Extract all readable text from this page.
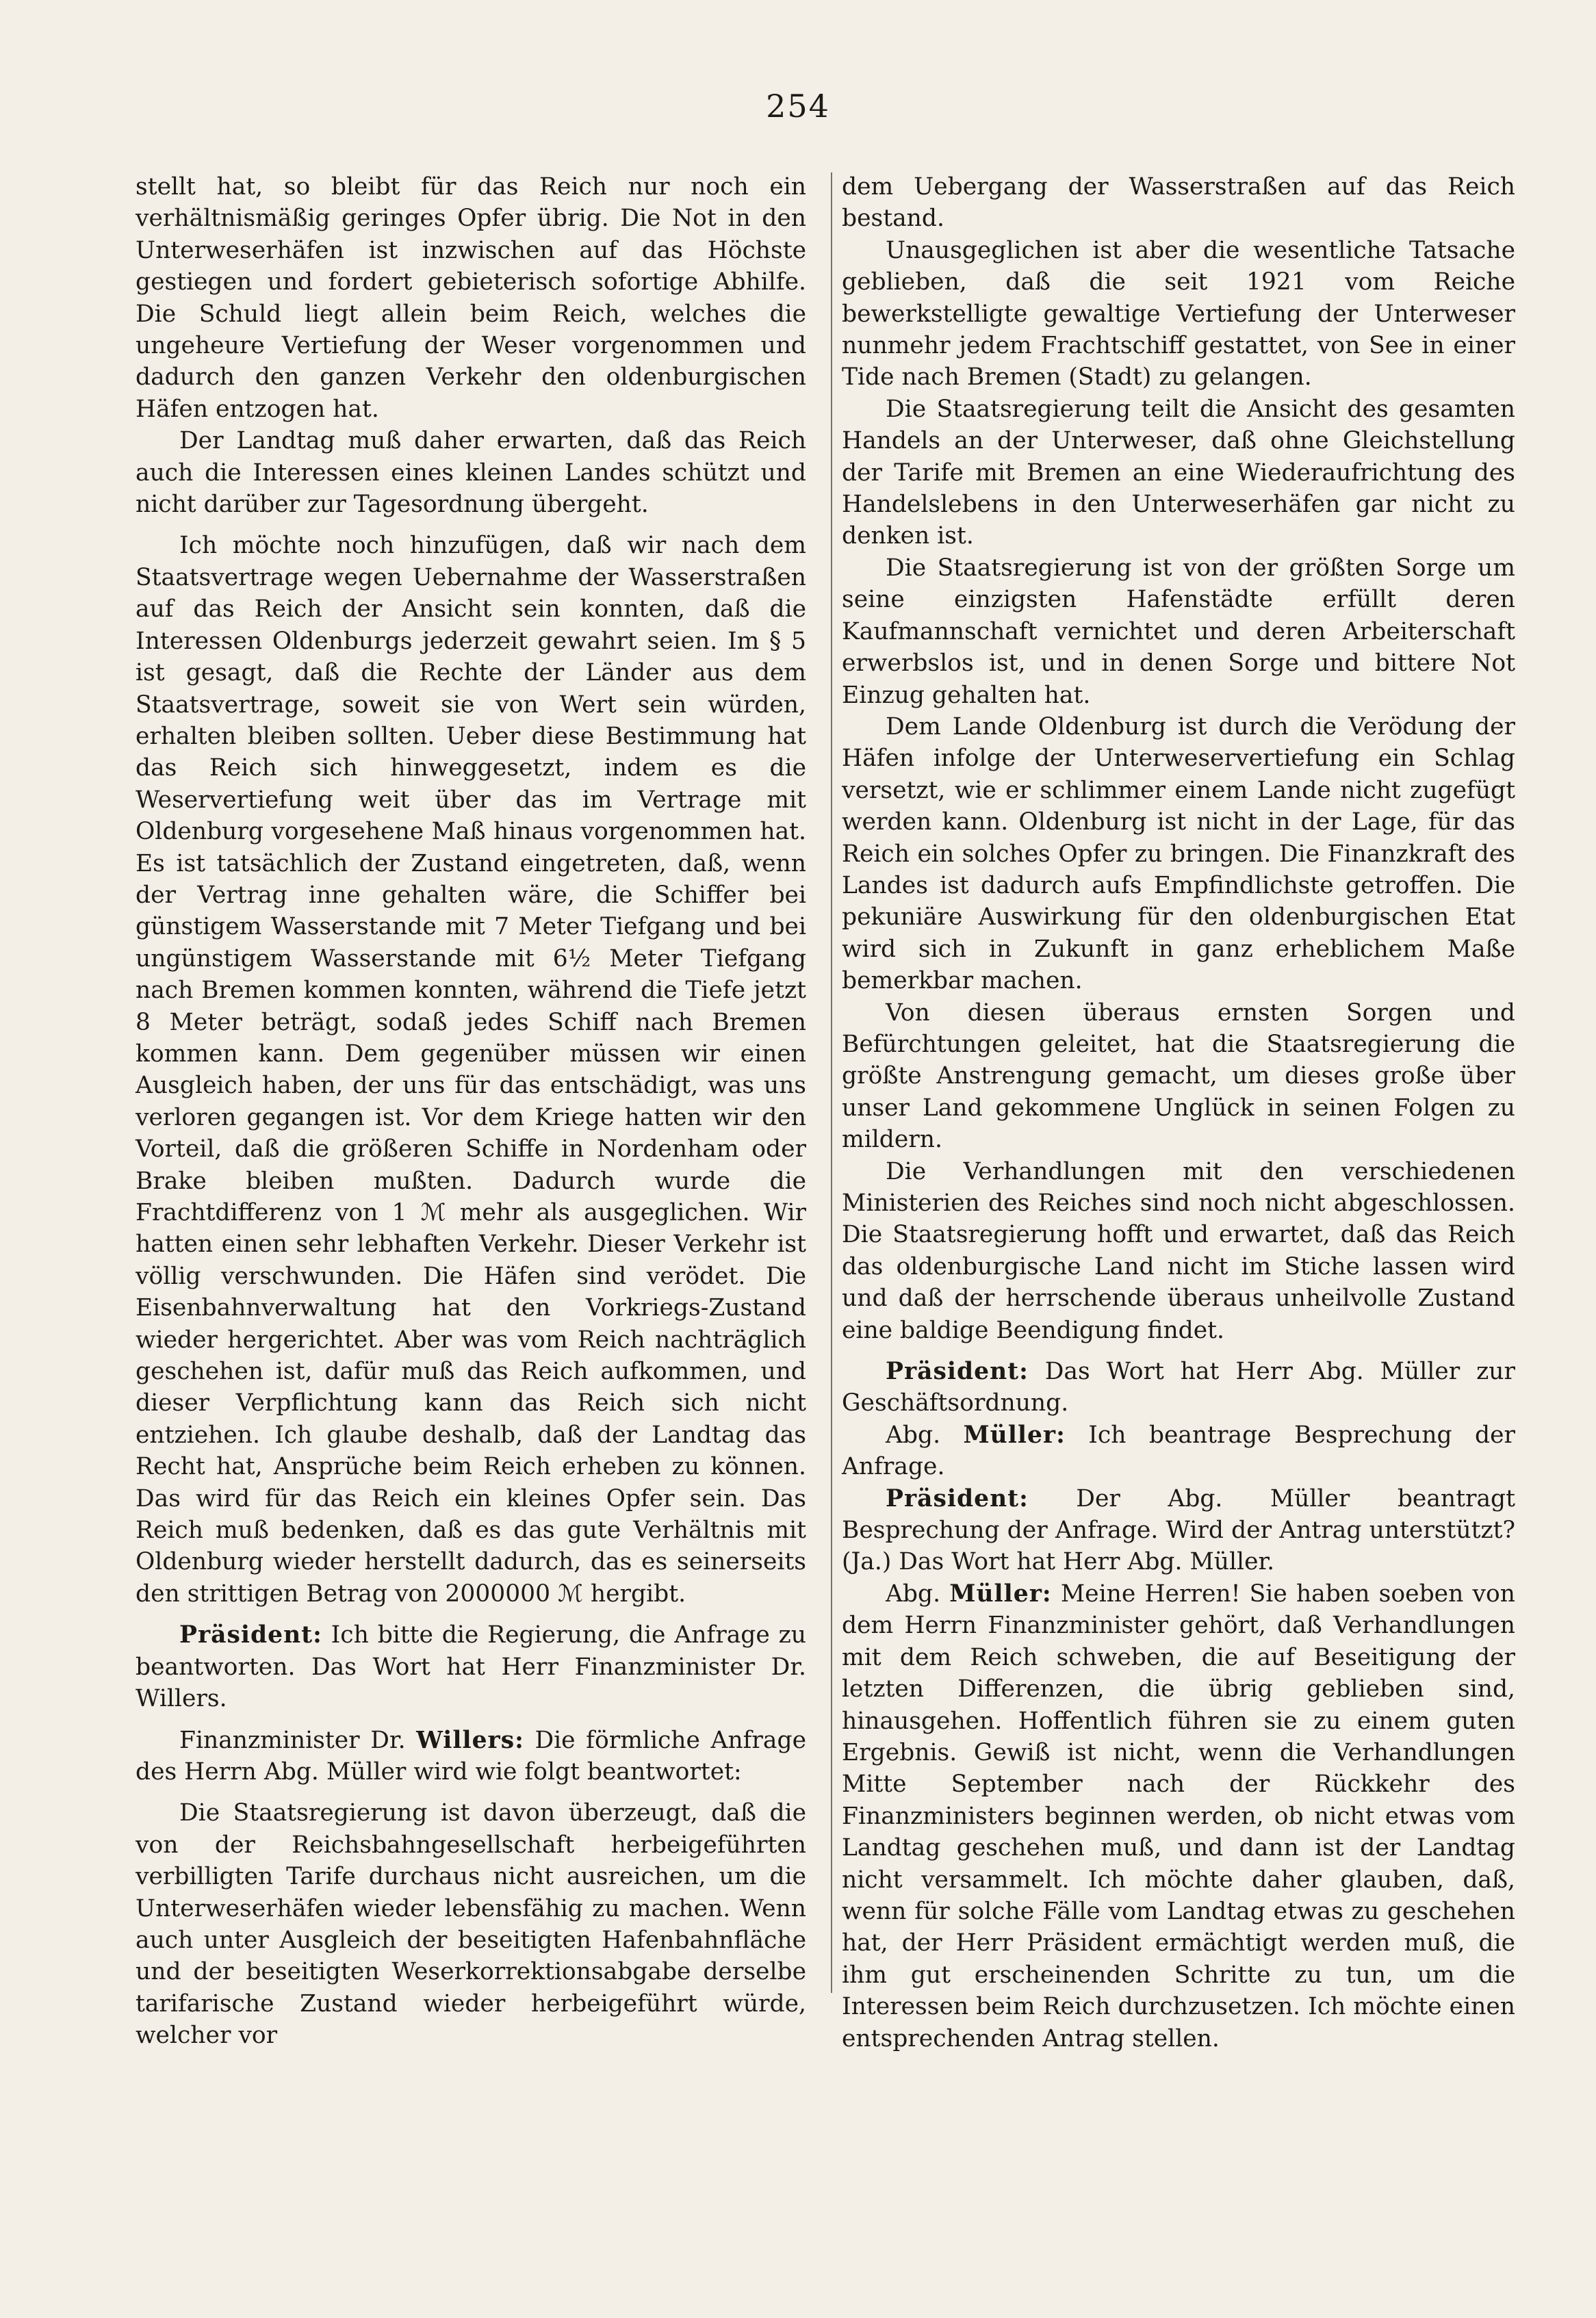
254

stellt hat, so bleibt für das Reich nur noch ein verhältnismäßig geringes Opfer übrig. Die Not in den Unterweserhäfen ist inzwischen auf das Höchste gestiegen und fordert gebieterisch sofortige Abhilfe. Die Schuld liegt allein beim Reich, welches die ungeheure Vertiefung der Weser vorgenommen und dadurch den ganzen Verkehr den oldenburgischen Häfen entzogen hat.

Der Landtag muß daher erwarten, daß das Reich auch die Interessen eines kleinen Landes schützt und nicht darüber zur Tagesordnung übergeht.

Ich möchte noch hinzufügen, daß wir nach dem Staatsvertrage wegen Uebernahme der Wasserstraßen auf das Reich der Ansicht sein konnten, daß die Interessen Oldenburgs jederzeit gewahrt seien. Im § 5 ist gesagt, daß die Rechte der Länder aus dem Staatsvertrage, soweit sie von Wert sein würden, erhalten bleiben sollten. Ueber diese Bestimmung hat das Reich sich hinweggesetzt, indem es die Weservertiefung weit über das im Vertrage mit Oldenburg vorgesehene Maß hinaus vorgenommen hat. Es ist tatsächlich der Zustand eingetreten, daß, wenn der Vertrag inne gehalten wäre, die Schiffer bei günstigem Wasserstande mit 7 Meter Tiefgang und bei ungünstigem Wasserstande mit 6½ Meter Tiefgang nach Bremen kommen konnten, während die Tiefe jetzt 8 Meter beträgt, sodaß jedes Schiff nach Bremen kommen kann. Dem gegenüber müssen wir einen Ausgleich haben, der uns für das entschädigt, was uns verloren gegangen ist. Vor dem Kriege hatten wir den Vorteil, daß die größeren Schiffe in Nordenham oder Brake bleiben mußten. Dadurch wurde die Frachtdifferenz von 1 ℳ mehr als ausgeglichen. Wir hatten einen sehr lebhaften Verkehr. Dieser Verkehr ist völlig verschwunden. Die Häfen sind verödet. Die Eisenbahnverwaltung hat den Vorkriegs-Zustand wieder hergerichtet. Aber was vom Reich nachträglich geschehen ist, dafür muß das Reich aufkommen, und dieser Verpflichtung kann das Reich sich nicht entziehen. Ich glaube deshalb, daß der Landtag das Recht hat, Ansprüche beim Reich erheben zu können. Das wird für das Reich ein kleines Opfer sein. Das Reich muß bedenken, daß es das gute Verhältnis mit Oldenburg wieder herstellt dadurch, das es seinerseits den strittigen Betrag von 2000000 ℳ hergibt.

Präsident: Ich bitte die Regierung, die Anfrage zu beantworten. Das Wort hat Herr Finanzminister Dr. Willers.

Finanzminister Dr. Willers: Die förmliche Anfrage des Herrn Abg. Müller wird wie folgt beantwortet:

Die Staatsregierung ist davon überzeugt, daß die von der Reichsbahngesellschaft herbeigeführten verbilligten Tarife durchaus nicht ausreichen, um die Unterweserhäfen wieder lebensfähig zu machen. Wenn auch unter Ausgleich der beseitigten Hafenbahnfläche und der beseitigten Weserkorrektionsabgabe derselbe tarifarische Zustand wieder herbeigeführt würde, welcher vor

dem Uebergang der Wasserstraßen auf das Reich bestand.

Unausgeglichen ist aber die wesentliche Tatsache geblieben, daß die seit 1921 vom Reiche bewerkstelligte gewaltige Vertiefung der Unterweser nunmehr jedem Frachtschiff gestattet, von See in einer Tide nach Bremen (Stadt) zu gelangen.

Die Staatsregierung teilt die Ansicht des gesamten Handels an der Unterweser, daß ohne Gleichstellung der Tarife mit Bremen an eine Wiederaufrichtung des Handelslebens in den Unterweserhäfen gar nicht zu denken ist.

Die Staatsregierung ist von der größten Sorge um seine einzigsten Hafenstädte erfüllt deren Kaufmannschaft vernichtet und deren Arbeiterschaft erwerbslos ist, und in denen Sorge und bittere Not Einzug gehalten hat.

Dem Lande Oldenburg ist durch die Verödung der Häfen infolge der Unterweservertiefung ein Schlag versetzt, wie er schlimmer einem Lande nicht zugefügt werden kann. Oldenburg ist nicht in der Lage, für das Reich ein solches Opfer zu bringen. Die Finanzkraft des Landes ist dadurch aufs Empfindlichste getroffen. Die pekuniäre Auswirkung für den oldenburgischen Etat wird sich in Zukunft in ganz erheblichem Maße bemerkbar machen.

Von diesen überaus ernsten Sorgen und Befürchtungen geleitet, hat die Staatsregierung die größte Anstrengung gemacht, um dieses große über unser Land gekommene Unglück in seinen Folgen zu mildern.

Die Verhandlungen mit den verschiedenen Ministerien des Reiches sind noch nicht abgeschlossen. Die Staatsregierung hofft und erwartet, daß das Reich das oldenburgische Land nicht im Stiche lassen wird und daß der herrschende überaus unheilvolle Zustand eine baldige Beendigung findet.

Präsident: Das Wort hat Herr Abg. Müller zur Geschäftsordnung.

Abg. Müller: Ich beantrage Besprechung der Anfrage.

Präsident: Der Abg. Müller beantragt Besprechung der Anfrage. Wird der Antrag unterstützt? (Ja.) Das Wort hat Herr Abg. Müller.

Abg. Müller: Meine Herren! Sie haben soeben von dem Herrn Finanzminister gehört, daß Verhandlungen mit dem Reich schweben, die auf Beseitigung der letzten Differenzen, die übrig geblieben sind, hinausgehen. Hoffentlich führen sie zu einem guten Ergebnis. Gewiß ist nicht, wenn die Verhandlungen Mitte September nach der Rückkehr des Finanzministers beginnen werden, ob nicht etwas vom Landtag geschehen muß, und dann ist der Landtag nicht versammelt. Ich möchte daher glauben, daß, wenn für solche Fälle vom Landtag etwas zu geschehen hat, der Herr Präsident ermächtigt werden muß, die ihm gut erscheinenden Schritte zu tun, um die Interessen beim Reich durchzusetzen. Ich möchte einen entsprechenden Antrag stellen.
